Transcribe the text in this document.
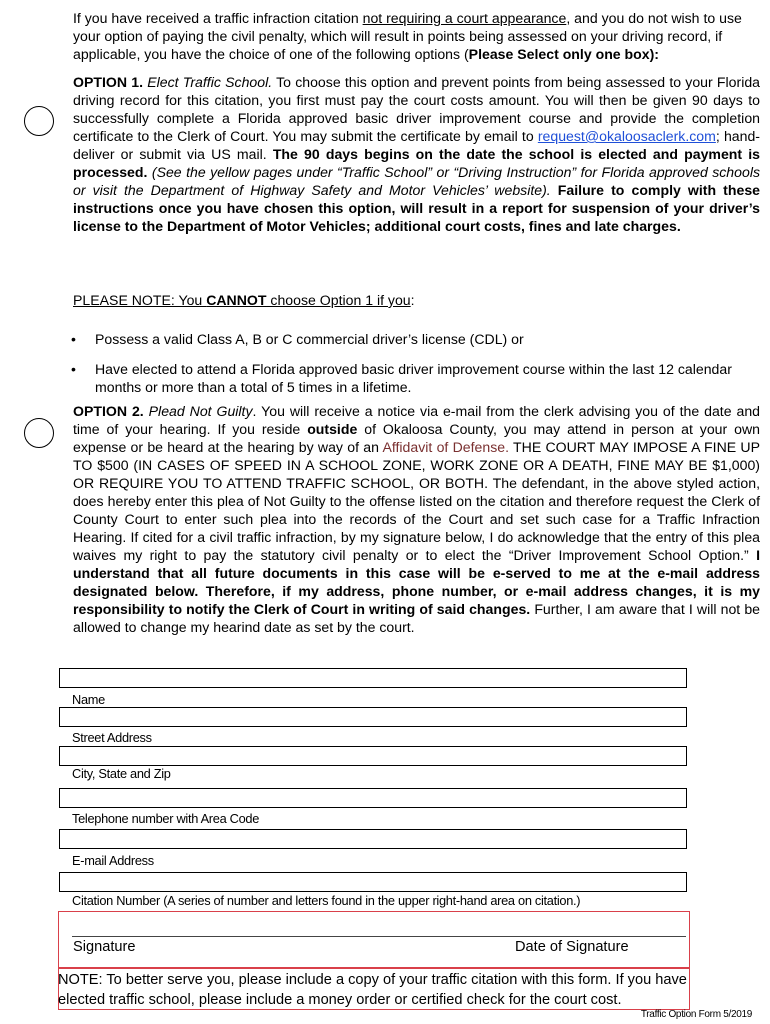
If you have received a traffic infraction citation not requiring a court appearance, and you do not wish to use your option of paying the civil penalty, which will result in points being assessed on your driving record, if applicable, you have the choice of one of the following options (Please Select only one box):
OPTION 1. Elect Traffic School. To choose this option and prevent points from being assessed to your Florida driving record for this citation, you first must pay the court costs amount. You will then be given 90 days to successfully complete a Florida approved basic driver improvement course and provide the completion certificate to the Clerk of Court. You may submit the certificate by email to request@okaloosaclerk.com; hand-deliver or submit via US mail. The 90 days begins on the date the school is elected and payment is processed. (See the yellow pages under “Traffic School” or “Driving Instruction” for Florida approved schools or visit the Department of Highway Safety and Motor Vehicles’ website). Failure to comply with these instructions once you have chosen this option, will result in a report for suspension of your driver’s license to the Department of Motor Vehicles; additional court costs, fines and late charges.
PLEASE NOTE: You CANNOT choose Option 1 if you:
• Possess a valid Class A, B or C commercial driver’s license (CDL) or
• Have elected to attend a Florida approved basic driver improvement course within the last 12 calendar months or more than a total of 5 times in a lifetime.
OPTION 2. Plead Not Guilty. You will receive a notice via e-mail from the clerk advising you of the date and time of your hearing. If you reside outside of Okaloosa County, you may attend in person at your own expense or be heard at the hearing by way of an Affidavit of Defense. THE COURT MAY IMPOSE A FINE UP TO $500 (IN CASES OF SPEED IN A SCHOOL ZONE, WORK ZONE OR A DEATH, FINE MAY BE $1,000) OR REQUIRE YOU TO ATTEND TRAFFIC SCHOOL, OR BOTH. The defendant, in the above styled action, does hereby enter this plea of Not Guilty to the offense listed on the citation and therefore request the Clerk of County Court to enter such plea into the records of the Court and set such case for a Traffic Infraction Hearing. If cited for a civil traffic infraction, by my signature below, I do acknowledge that the entry of this plea waives my right to pay the statutory civil penalty or to elect the “Driver Improvement School Option.” I understand that all future documents in this case will be e-served to me at the e-mail address designated below. Therefore, if my address, phone number, or e-mail address changes, it is my responsibility to notify the Clerk of Court in writing of said changes. Further, I am aware that I will not be allowed to change my hearind date as set by the court.
Name
Street Address
City, State and Zip
Telephone number with Area Code
E-mail Address
Citation Number (A series of number and letters found in the upper right-hand area on citation.)
Signature	Date of Signature
NOTE: To better serve you, please include a copy of your traffic citation with this form. If you have elected traffic school, please include a money order or certified check for the court cost.
Traffic Option Form 5/2019
